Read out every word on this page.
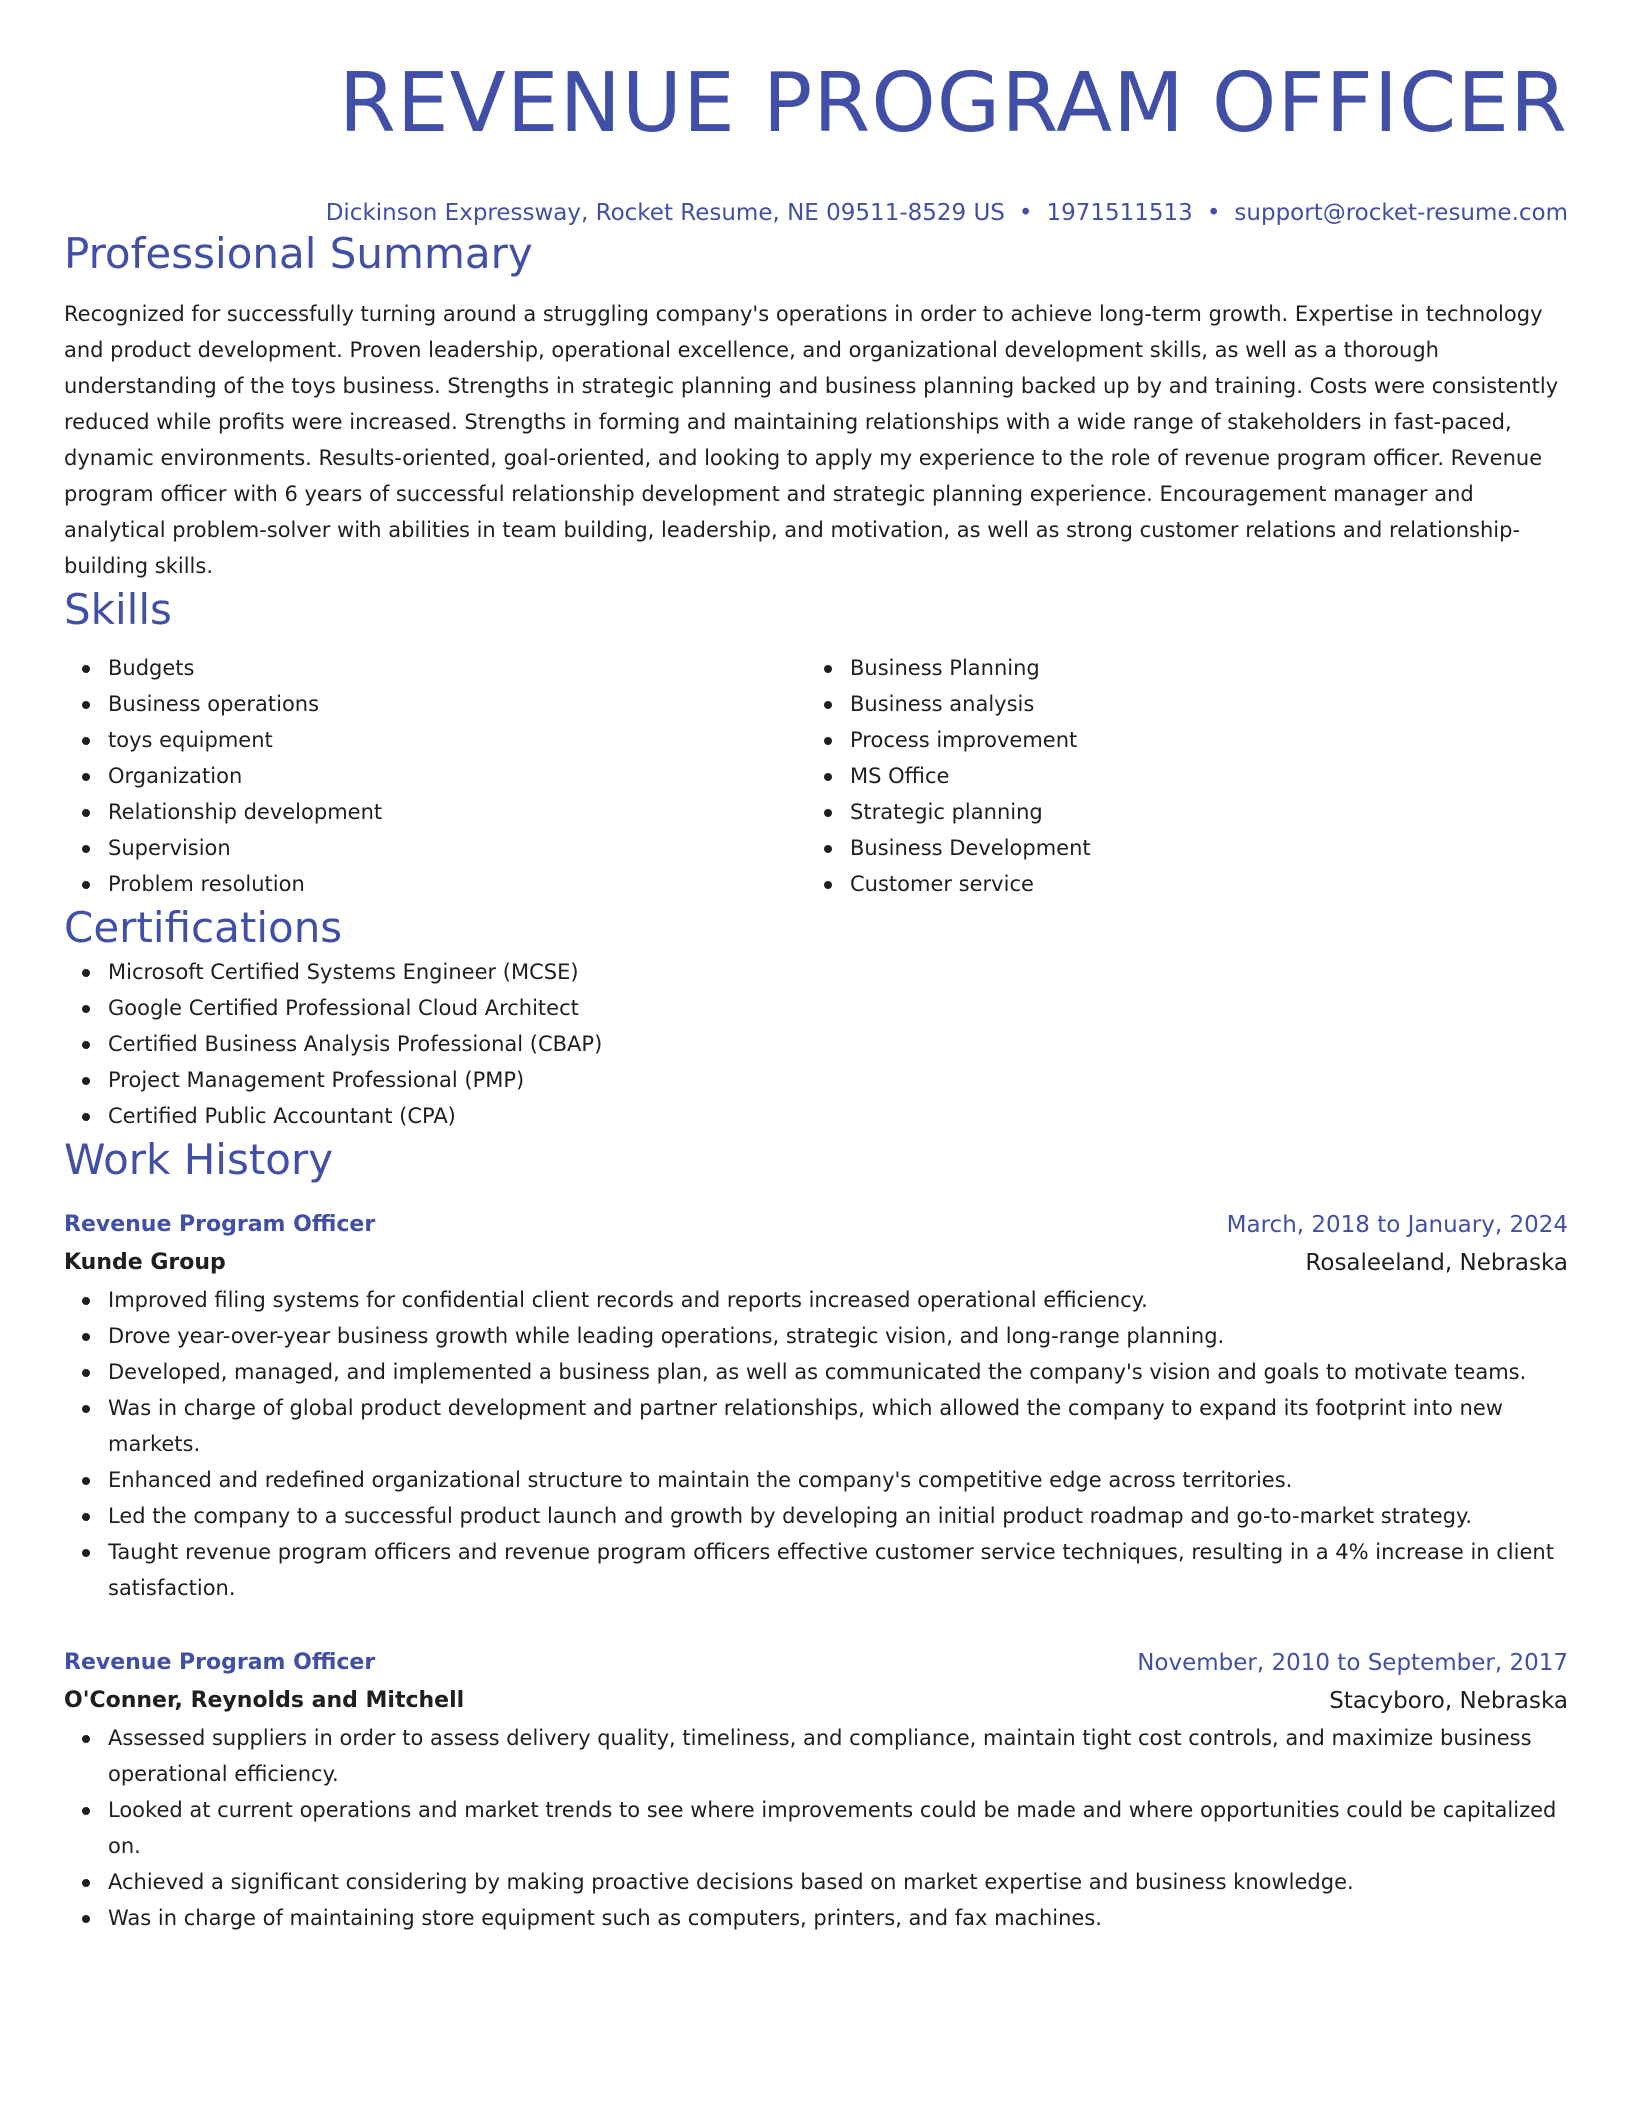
REVENUE PROGRAM OFFICER
Dickinson Expressway, Rocket Resume, NE 09511-8529 US • 1971511513 • support@rocket-resume.com
Professional Summary

Recognized for successfully turning around a struggling company's operations in order to achieve long-term growth. Expertise in technology and product development. Proven leadership, operational excellence, and organizational development skills, as well as a thorough understanding of the toys business. Strengths in strategic planning and business planning backed up by and training. Costs were consistently reduced while profits were increased. Strengths in forming and maintaining relationships with a wide range of stakeholders in fast-paced, dynamic environments. Results-oriented, goal-oriented, and looking to apply my experience to the role of revenue program officer. Revenue program officer with 6 years of successful relationship development and strategic planning experience. Encouragement manager and analytical problem-solver with abilities in team building, leadership, and motivation, as well as strong customer relations and relationship-building skills.

Skills
Budgets
Business operations
toys equipment
Organization
Relationship development
Supervision
Problem resolution
Business Planning
Business analysis
Process improvement
MS Office
Strategic planning
Business Development
Customer service
Certifications
Microsoft Certified Systems Engineer (MCSE)
Google Certified Professional Cloud Architect
Certified Business Analysis Professional (CBAP)
Project Management Professional (PMP)
Certified Public Accountant (CPA)
Work History
Revenue Program Officer	March, 2018 to January, 2024
Kunde Group	Rosaleeland, Nebraska
Improved filing systems for confidential client records and reports increased operational efficiency.
Drove year-over-year business growth while leading operations, strategic vision, and long-range planning.
Developed, managed, and implemented a business plan, as well as communicated the company's vision and goals to motivate teams.
Was in charge of global product development and partner relationships, which allowed the company to expand its footprint into new markets.
Enhanced and redefined organizational structure to maintain the company's competitive edge across territories.
Led the company to a successful product launch and growth by developing an initial product roadmap and go-to-market strategy.
Taught revenue program officers and revenue program officers effective customer service techniques, resulting in a 4% increase in client satisfaction.
Revenue Program Officer	November, 2010 to September, 2017
O'Conner, Reynolds and Mitchell	Stacyboro, Nebraska
Assessed suppliers in order to assess delivery quality, timeliness, and compliance, maintain tight cost controls, and maximize business operational efficiency.
Looked at current operations and market trends to see where improvements could be made and where opportunities could be capitalized on.
Achieved a significant considering by making proactive decisions based on market expertise and business knowledge.
Was in charge of maintaining store equipment such as computers, printers, and fax machines.
